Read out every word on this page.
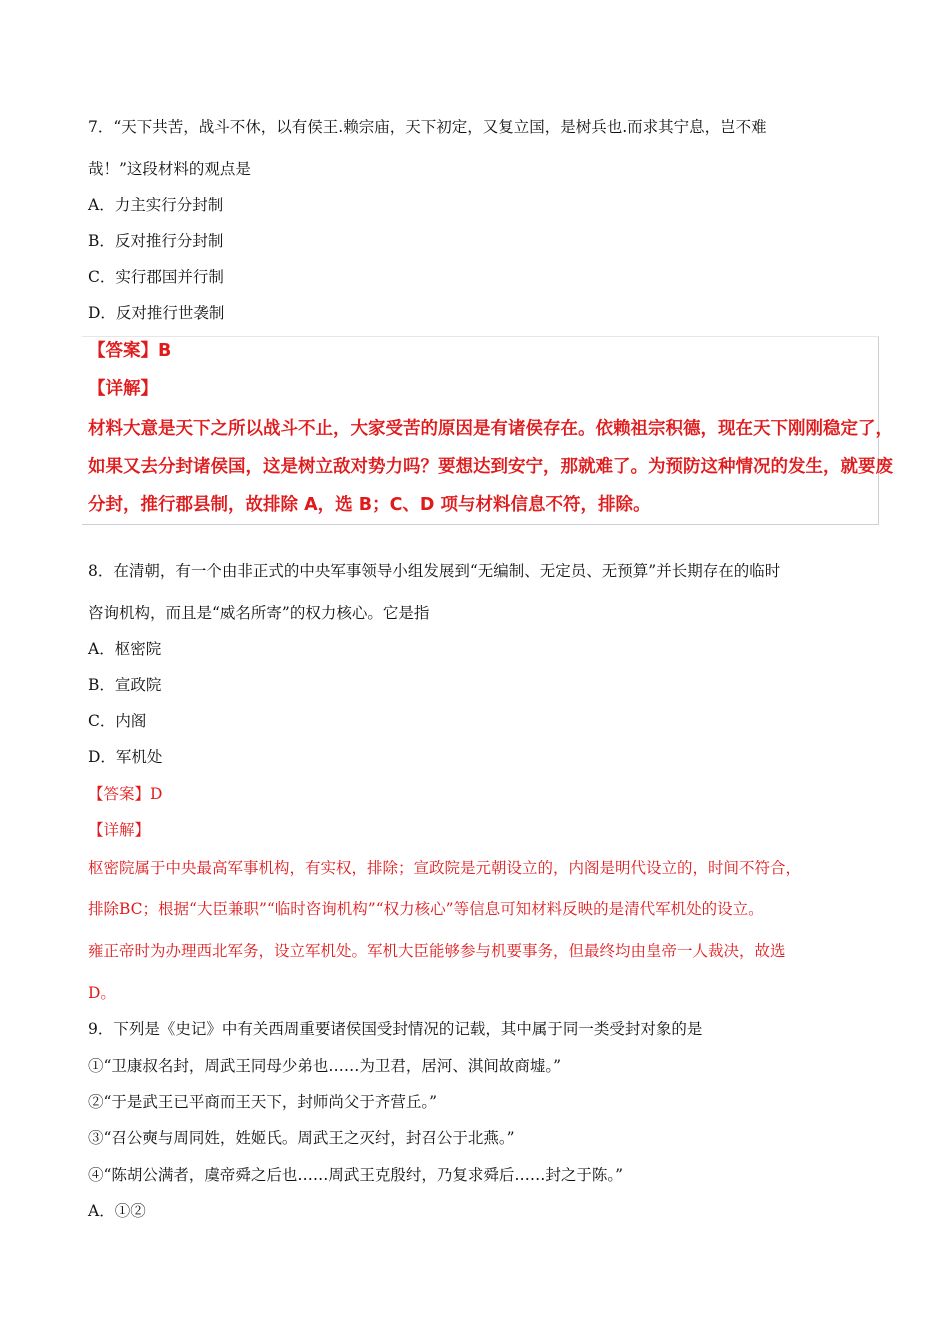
7．“天下共苦，战斗不休，以有侯王.赖宗庙，天下初定，又复立国，是树兵也.而求其宁息，岂不难
哉！”这段材料的观点是
A．力主实行分封制
B．反对推行分封制
C．实行郡国并行制
D．反对推行世袭制
【答案】B
【详解】
材料大意是天下之所以战斗不止，大家受苦的原因是有诸侯存在。依赖祖宗积德，现在天下刚刚稳定了，
如果又去分封诸侯国，这是树立敌对势力吗？要想达到安宁，那就难了。为预防这种情况的发生，就要废
分封，推行郡县制，故排除 A，选 B；C、D 项与材料信息不符，排除。
8．在清朝，有一个由非正式的中央军事领导小组发展到“无编制、无定员、无预算”并长期存在的临时
咨询机构，而且是“威名所寄”的权力核心。它是指
A．枢密院
B．宣政院
C．内阁
D．军机处
【答案】D
【详解】
枢密院属于中央最高军事机构，有实权，排除；宣政院是元朝设立的，内阁是明代设立的，时间不符合，
排除BC；根据“大臣兼职”“临时咨询机构”“权力核心”等信息可知材料反映的是清代军机处的设立。
雍正帝时为办理西北军务，设立军机处。军机大臣能够参与机要事务，但最终均由皇帝一人裁决，故选
D。
9．下列是《史记》中有关西周重要诸侯国受封情况的记载，其中属于同一类受封对象的是
①“卫康叔名封，周武王同母少弟也……为卫君，居河、淇间故商墟。”
②“于是武王已平商而王天下，封师尚父于齐营丘。”
③“召公奭与周同姓，姓姬氏。周武王之灭纣，封召公于北燕。”
④“陈胡公满者，虞帝舜之后也……周武王克殷纣，乃复求舜后……封之于陈。”
A．①②
